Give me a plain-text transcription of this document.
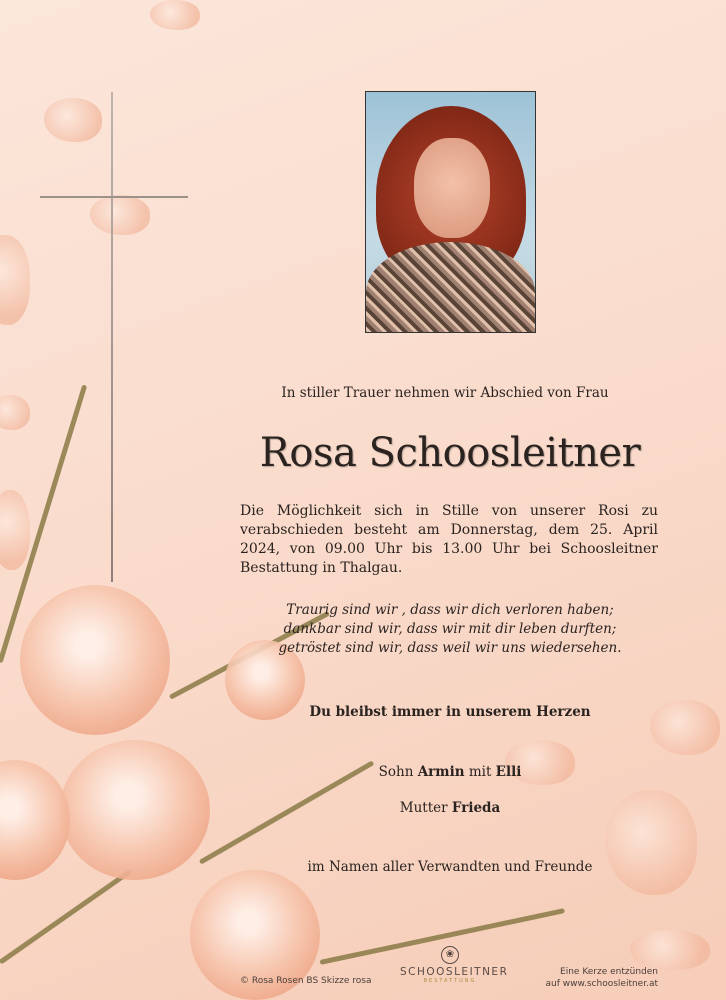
In stiller Trauer nehmen wir Abschied von Frau
Rosa Schoosleitner
Die Möglichkeit sich in Stille von unserer Rosi zu verabschieden besteht am Donnerstag, dem 25. April 2024, von 09.00 Uhr bis 13.00 Uhr bei Schoosleitner Bestattung in Thalgau.
Traurig sind wir , dass wir dich verloren haben;
dankbar sind wir, dass wir mit dir leben durften;
getröstet sind wir, dass weil wir uns wiedersehen.
Du bleibst immer in unserem Herzen
Sohn Armin mit Elli
Mutter Frieda
im Namen aller Verwandten und Freunde
© Rosa Rosen BS Skizze rosa
❀
SCHOOSLEITNER
BESTATTUNG
Eine Kerze entzünden
auf www.schoosleitner.at
